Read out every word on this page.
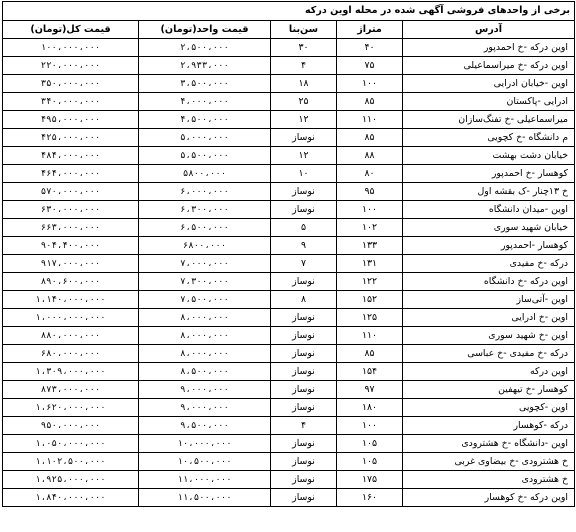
برخی از واحدهای فروشی آگهی شده در محله اوین درکه				
آدرس	متراژ	سن‌بنا	قیمت واحد(تومان)	قیمت کل(تومان)
اوین درکه -خ احمدپور	۴۰	۳۰	۲،۵۰۰،۰۰۰	۱۰۰،۰۰۰،۰۰۰
اوین درکه -خ میراسماعیلی	۷۵	۴	۲،۹۳۳،۰۰۰	۲۲۰،۰۰۰،۰۰۰
اوین -خیابان ادرایی	۱۰۰	۱۸	۳،۵۰۰،۰۰۰	۳۵۰،۰۰۰،۰۰۰
ادرایی -پاکستان	۸۵	۲۵	۴،۰۰۰،۰۰۰	۳۴۰،۰۰۰،۰۰۰
میراسماعیلی -خ تفنگ‌سازان	۱۱۰	۱۲	۴،۵۰۰،۰۰۰	۴۹۵،۰۰۰،۰۰۰
م دانشگاه -خ کچویی	۸۵	نوساز	۵،۰۰۰،۰۰۰	۴۲۵،۰۰۰،۰۰۰
خیابان دشت بهشت	۸۸	۱۲	۵،۵۰۰،۰۰۰	۴۸۴،۰۰۰،۰۰۰
کوهسار -خ احمدپور	۸۰	۱۰	۵۸۰۰،۰۰۰	۴۶۴،۰۰۰،۰۰۰
خ ۱۳چنار -ک بقشه اول	۹۵	نوساز	۶،۰۰۰،۰۰۰	۵۷۰،۰۰۰،۰۰۰
اوین -میدان دانشگاه	۱۰۰	نوساز	۶،۳۰۰،۰۰۰	۶۳۰،۰۰۰،۰۰۰
خیابان شهید سوری	۱۰۲	۵	۶،۵۰۰،۰۰۰	۶۶۳،۰۰۰،۰۰۰
کوهسار -احمدپور	۱۳۳	۹	۶۸۰۰،۰۰۰	۹۰۴،۴۰۰،۰۰۰
درکه -خ مفیدی	۱۳۱	۷	۷،۰۰۰،۰۰۰	۹۱۷،۰۰۰،۰۰۰
اوین درکه -خ دانشگاه	۱۲۲	نوساز	۷،۳۰۰،۰۰۰	۸۹۰،۶۰۰،۰۰۰
اوین -آتی‌ساز	۱۵۲	۸	۷،۵۰۰،۰۰۰	۱،۱۴۰،۰۰۰،۰۰۰
اوین -خ ادرایی	۱۲۵	نوساز	۸،۰۰۰،۰۰۰	۱،۰۰۰،۰۰۰،۰۰۰
اوین -خ شهید سوری	۱۱۰	نوساز	۸،۰۰۰،۰۰۰	۸۸۰،۰۰۰،۰۰۰
درکه -خ مفیدی -خ عباسی	۸۵	نوساز	۸،۰۰۰،۰۰۰	۶۸۰،۰۰۰،۰۰۰
اوین درکه	۱۵۴	نوساز	۸،۵۰۰،۰۰۰	۱،۳۰۹،۰۰۰،۰۰۰
کوهسار -خ تیهفین	۹۷	نوساز	۹،۰۰۰،۰۰۰	۸۷۳،۰۰۰،۰۰۰
اوین -کچویی	۱۸۰	نوساز	۹،۰۰۰،۰۰۰	۱،۶۲۰،۰۰۰،۰۰۰
درکه -کوهسار	۱۰۰	۴	۹،۵۰۰،۰۰۰	۹۵۰،۰۰۰،۰۰۰
اوین -دانشگاه -خ هشترودی	۱۰۵	نوساز	۱۰،۰۰۰،۰۰۰	۱،۰۵۰،۰۰۰،۰۰۰
خ هشترودی -خ بیضاوی غربی	۱۰۵	نوساز	۱۰،۵۰۰،۰۰۰	۱،۱۰۲،۵۰۰،۰۰۰
خ هشترودی	۱۷۵	نوساز	۱۱،۰۰۰،۰۰۰	۱،۹۲۵،۰۰۰،۰۰۰
اوین درکه -خ کوهسار	۱۶۰	نوساز	۱۱،۵۰۰،۰۰۰	۱،۸۴۰،۰۰۰،۰۰۰
